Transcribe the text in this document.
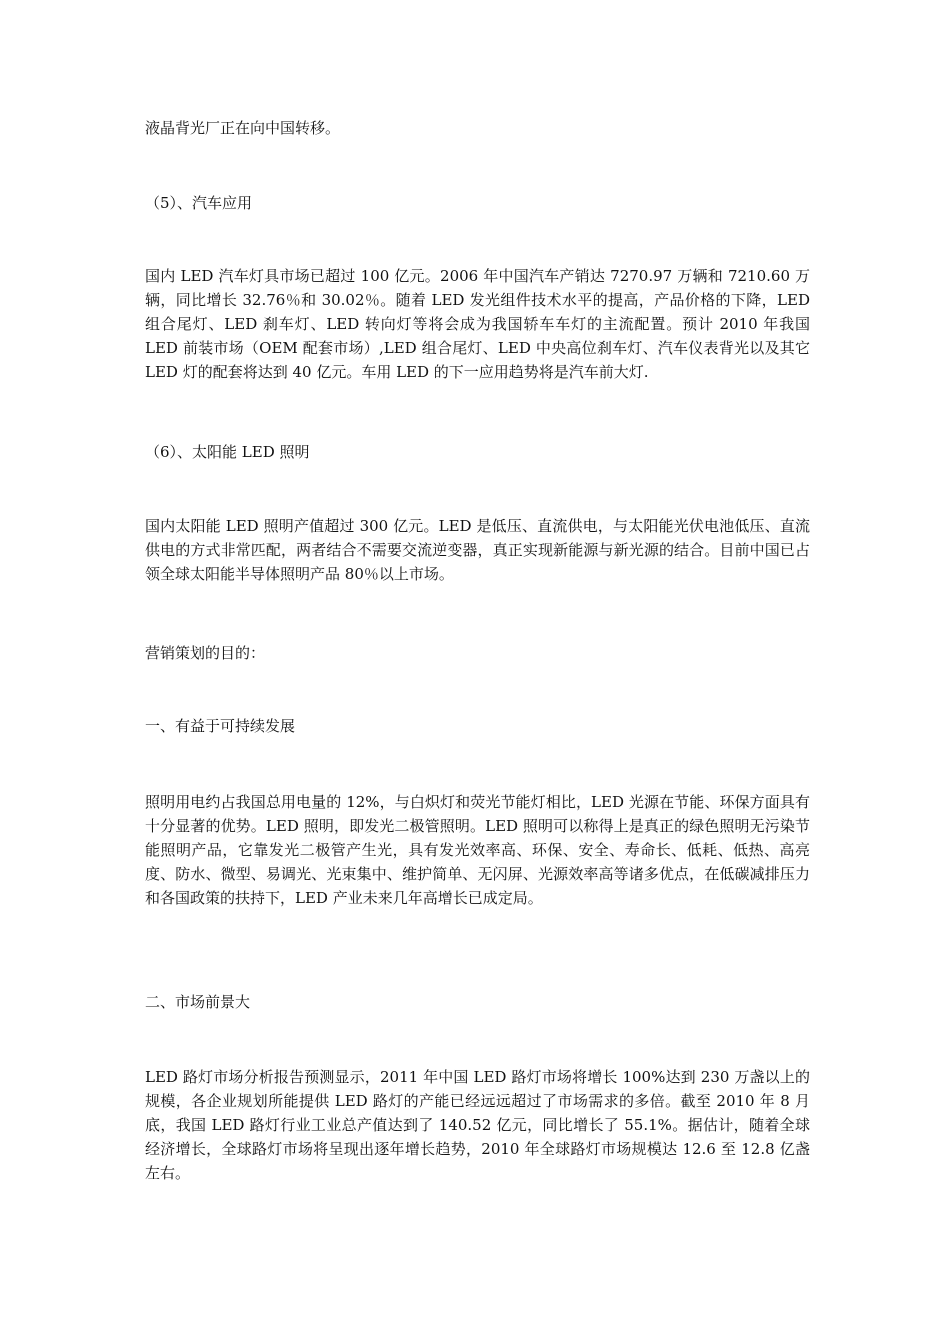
液晶背光厂正在向中国转移。

（5）、汽车应用

国内 LED 汽车灯具市场已超过 100 亿元。2006 年中国汽车产销达 7270.97 万辆和 7210.60 万辆，同比增长 32.76％和 30.02％。随着 LED 发光组件技术水平的提高，产品价格的下降，LED 组合尾灯、LED 刹车灯、LED 转向灯等将会成为我国轿车车灯的主流配置。预计 2010 年我国 LED 前装市场（OEM 配套市场）,LED 组合尾灯、LED 中央高位刹车灯、汽车仪表背光以及其它 LED 灯的配套将达到 40 亿元。车用 LED 的下一应用趋势将是汽车前大灯.

（6）、太阳能 LED 照明

国内太阳能 LED 照明产值超过 300 亿元。LED 是低压、直流供电，与太阳能光伏电池低压、直流供电的方式非常匹配，两者结合不需要交流逆变器，真正实现新能源与新光源的结合。目前中国已占领全球太阳能半导体照明产品 80％以上市场。

营销策划的目的：

一、有益于可持续发展

照明用电约占我国总用电量的 12%，与白炽灯和荧光节能灯相比，LED 光源在节能、环保方面具有十分显著的优势。LED 照明，即发光二极管照明。LED 照明可以称得上是真正的绿色照明无污染节能照明产品，它靠发光二极管产生光，具有发光效率高、环保、安全、寿命长、低耗、低热、高亮度、防水、微型、易调光、光束集中、维护简单、无闪屏、光源效率高等诸多优点，在低碳减排压力和各国政策的扶持下，LED 产业未来几年高增长已成定局。

二、市场前景大

LED 路灯市场分析报告预测显示，2011 年中国 LED 路灯市场将增长 100%达到 230 万盏以上的规模，各企业规划所能提供 LED 路灯的产能已经远远超过了市场需求的多倍。截至 2010 年 8 月底，我国 LED 路灯行业工业总产值达到了 140.52 亿元，同比增长了 55.1%。据估计，随着全球经济增长，全球路灯市场将呈现出逐年增长趋势，2010 年全球路灯市场规模达 12.6 至 12.8 亿盏左右。
